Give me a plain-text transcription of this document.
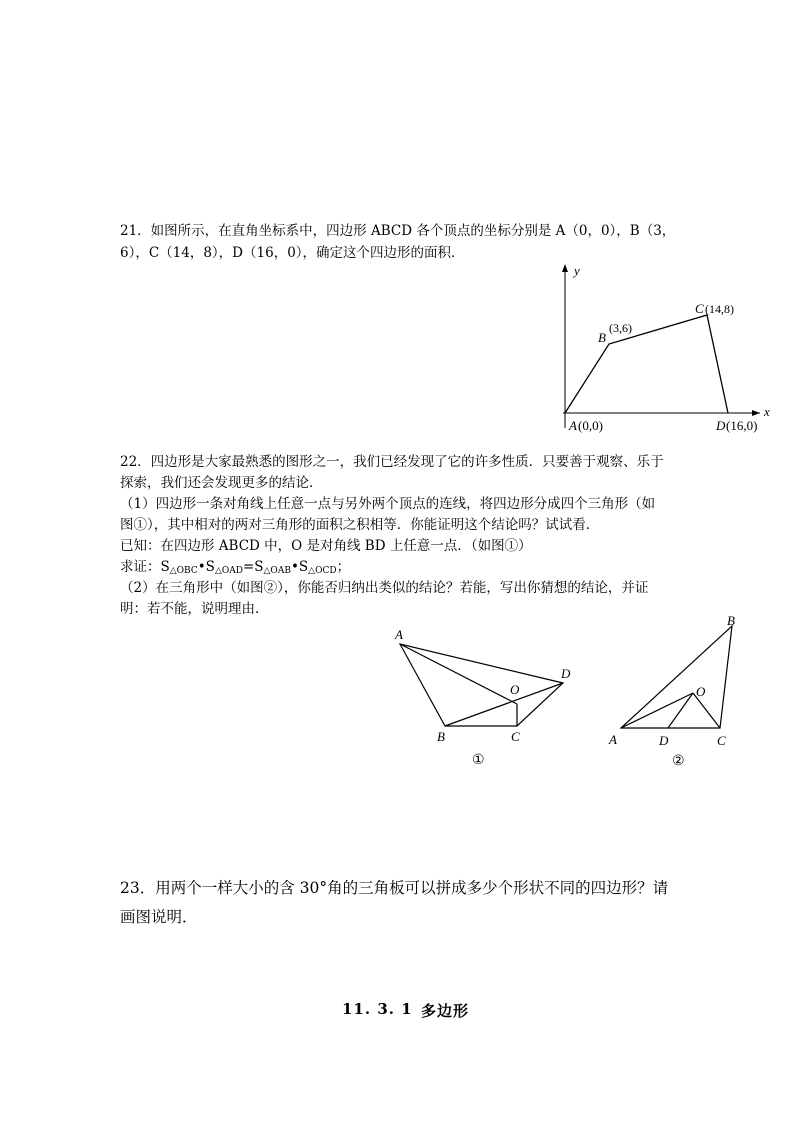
21．如图所示，在直角坐标系中，四边形 ABCD 各个顶点的坐标分别是 A（0，0），B（3，
6），C（14，8），D（16，0），确定这个四边形的面积．
x
y
A (0,0)
B
(3,6)
C (14,8)
D (16,0)
22．四边形是大家最熟悉的图形之一，我们已经发现了它的许多性质．只要善于观察、乐于
探索，我们还会发现更多的结论．
（1）四边形一条对角线上任意一点与另外两个顶点的连线，将四边形分成四个三角形（如
图①），其中相对的两对三角形的面积之积相等．你能证明这个结论吗？试试看．
已知：在四边形 ABCD 中，O 是对角线 BD 上任意一点．（如图①）
求证：$S_{\triangle OBC}•S_{\triangle OAD}=S_{\triangle OAB}•S_{\triangle OCD}$；
（2）在三角形中（如图②），你能否归纳出类似的结论？若能，写出你猜想的结论，并证
明：若不能，说明理由．
A
B	C
D
O
①
B
O
A	D	C
②
23．用两个一样大小的含 30°角的三角板可以拼成多少个形状不同的四边形？请
画图说明．
11. 3. 1 多边形
